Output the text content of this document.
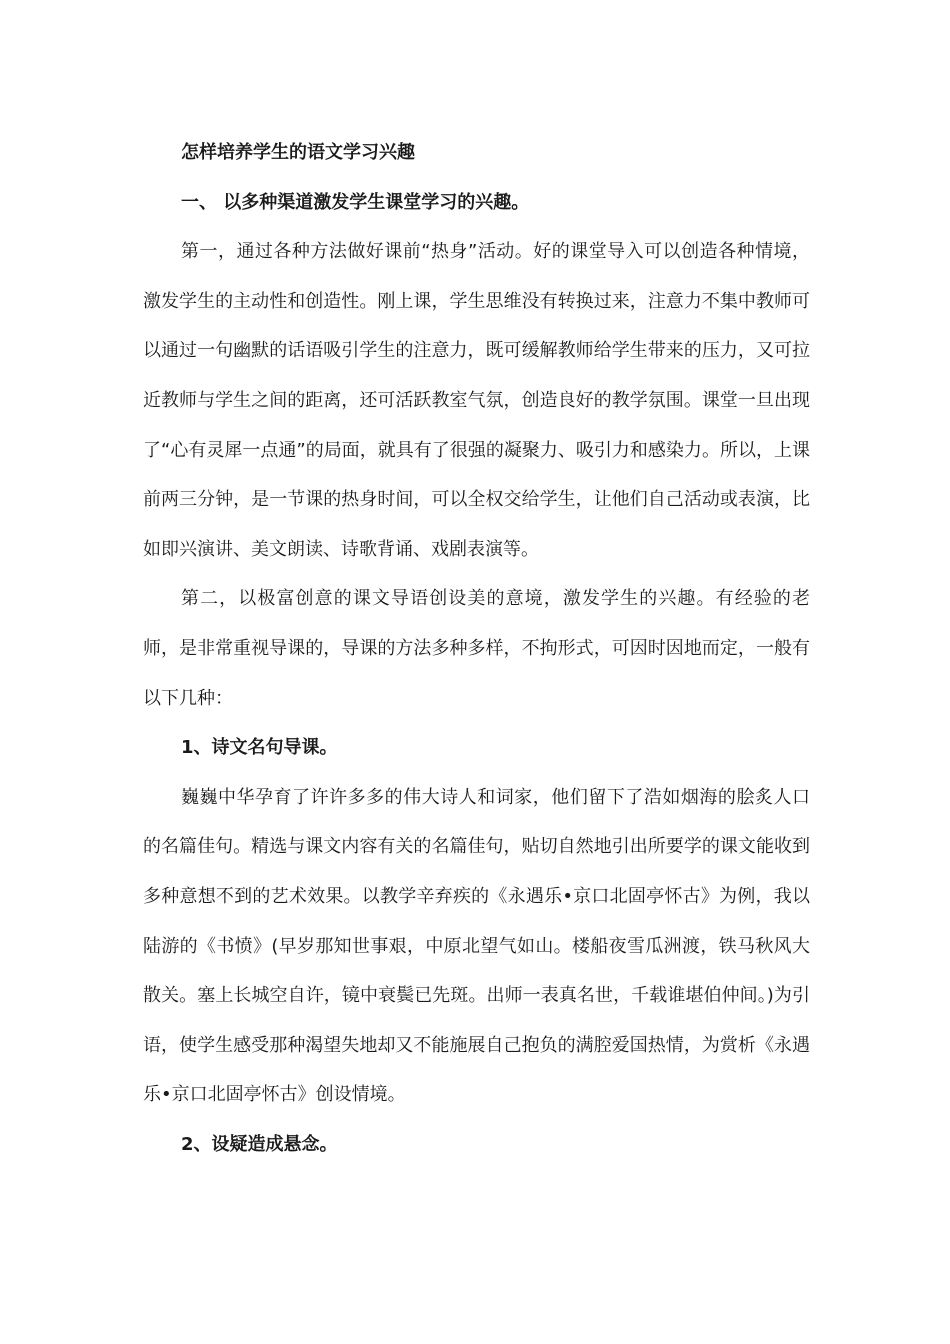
怎样培养学生的语文学习兴趣

一、 以多种渠道激发学生课堂学习的兴趣。

第一，通过各种方法做好课前“热身”活动。好的课堂导入可以创造各种情境，激发学生的主动性和创造性。刚上课，学生思维没有转换过来，注意力不集中教师可以通过一句幽默的话语吸引学生的注意力，既可缓解教师给学生带来的压力，又可拉近教师与学生之间的距离，还可活跃教室气氛，创造良好的教学氛围。课堂一旦出现了“心有灵犀一点通”的局面，就具有了很强的凝聚力、吸引力和感染力。所以，上课前两三分钟，是一节课的热身时间，可以全权交给学生，让他们自己活动或表演，比如即兴演讲、美文朗读、诗歌背诵、戏剧表演等。

第二，以极富创意的课文导语创设美的意境，激发学生的兴趣。有经验的老师，是非常重视导课的，导课的方法多种多样，不拘形式，可因时因地而定，一般有以下几种：

1、诗文名句导课。

巍巍中华孕育了许许多多的伟大诗人和词家，他们留下了浩如烟海的脍炙人口的名篇佳句。精选与课文内容有关的名篇佳句，贴切自然地引出所要学的课文能收到多种意想不到的艺术效果。以教学辛弃疾的《永遇乐•京口北固亭怀古》为例，我以陆游的《书愤》(早岁那知世事艰，中原北望气如山。楼船夜雪瓜洲渡，铁马秋风大散关。塞上长城空自许，镜中衰鬓已先斑。出师一表真名世，千载谁堪伯仲间。)为引语，使学生感受那种渴望失地却又不能施展自己抱负的满腔爱国热情，为赏析《永遇乐•京口北固亭怀古》创设情境。

2、设疑造成悬念。
